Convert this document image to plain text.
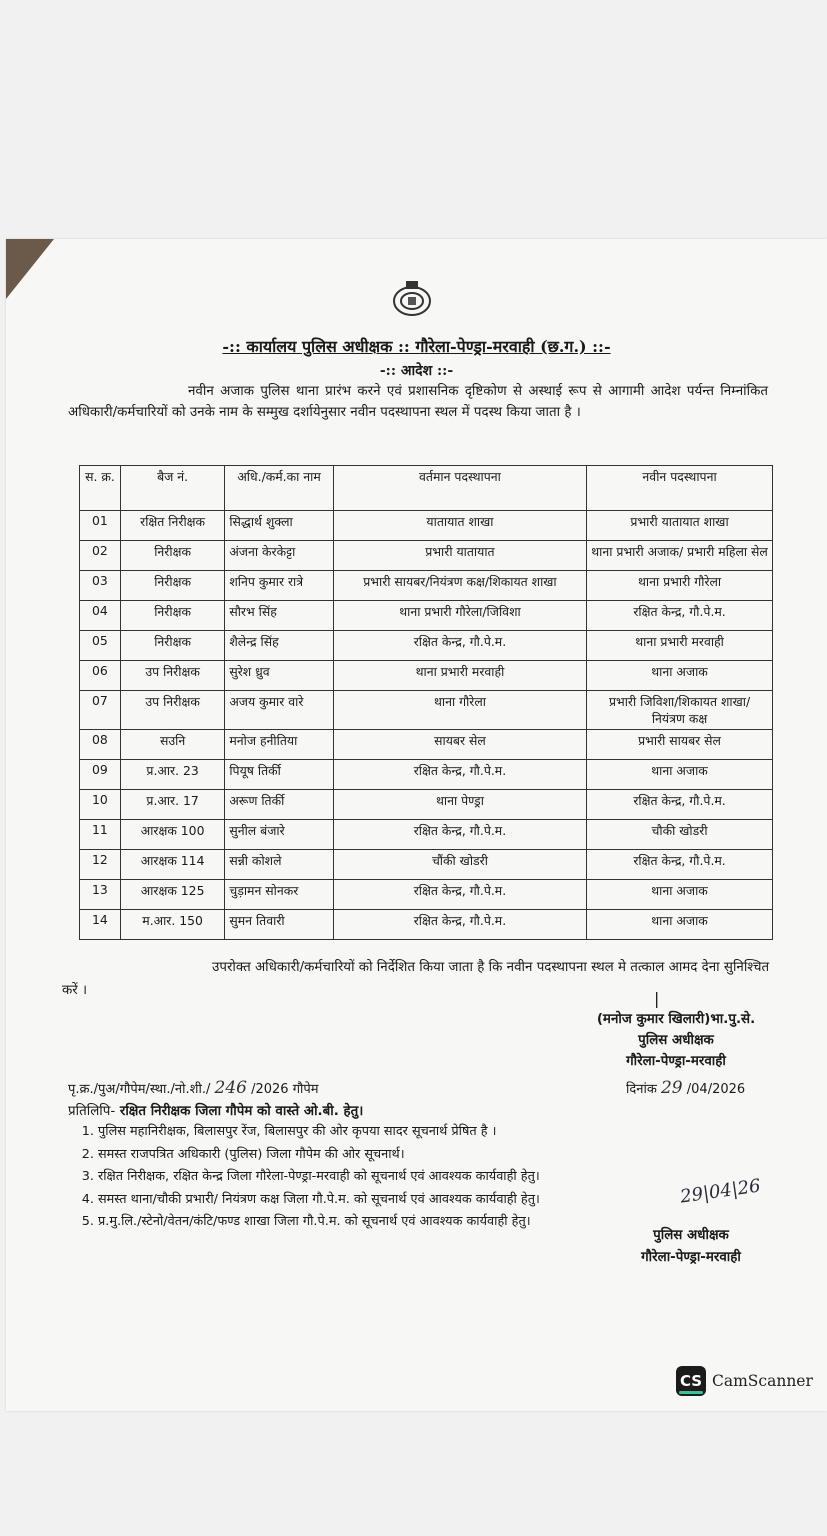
-:: कार्यालय पुलिस अधीक्षक :: गौरेला-पेण्ड्रा-मरवाही (छ.ग.) ::-
-:: आदेश ::-
नवीन अजाक पुलिस थाना प्रारंभ करने एवं प्रशासनिक दृष्टिकोण से अस्थाई रूप से आगामी आदेश पर्यन्त निम्नांकित अधिकारी/कर्मचारियों को उनके नाम के सम्मुख दर्शायेनुसार नवीन पदस्थापना स्थल में पदस्थ किया जाता है ।
स. क्र.	बैज नं.	अधि./कर्म.का नाम	वर्तमान पदस्थापना	नवीन पदस्थापना
01	रक्षित निरीक्षक	सिद्धार्थ शुक्ला	यातायात शाखा	प्रभारी यातायात शाखा
02	निरीक्षक	अंजना केरकेट्टा	प्रभारी यातायात	थाना प्रभारी अजाक/ प्रभारी महिला सेल
03	निरीक्षक	शनिप कुमार रात्रे	प्रभारी सायबर/नियंत्रण कक्ष/शिकायत शाखा	थाना प्रभारी गौरेला
04	निरीक्षक	सौरभ सिंह	थाना प्रभारी गौरेला/जिविशा	रक्षित केन्द्र, गौ.पे.म.
05	निरीक्षक	शैलेन्द्र सिंह	रक्षित केन्द्र, गौ.पे.म.	थाना प्रभारी मरवाही
06	उप निरीक्षक	सुरेश ध्रुव	थाना प्रभारी मरवाही	थाना अजाक
07	उप निरीक्षक	अजय कुमार वारे	थाना गौरेला	प्रभारी जिविशा/शिकायत शाखा/ नियंत्रण कक्ष
08	सउनि	मनोज हनीतिया	सायबर सेल	प्रभारी सायबर सेल
09	प्र.आर. 23	पियूष तिर्की	रक्षित केन्द्र, गौ.पे.म.	थाना अजाक
10	प्र.आर. 17	अरूण तिर्की	थाना पेण्ड्रा	रक्षित केन्द्र, गौ.पे.म.
11	आरक्षक 100	सुनील बंजारे	रक्षित केन्द्र, गौ.पे.म.	चौकी खोडरी
12	आरक्षक 114	सन्नी कोशले	चौंकी खोडरी	रक्षित केन्द्र, गौ.पे.म.
13	आरक्षक 125	चुड़ामन सोनकर	रक्षित केन्द्र, गौ.पे.म.	थाना अजाक
14	म.आर. 150	सुमन तिवारी	रक्षित केन्द्र, गौ.पे.म.	थाना अजाक
उपरोक्त अधिकारी/कर्मचारियों को निर्देशित किया जाता है कि नवीन पदस्थापना स्थल मे तत्काल आमद देना सुनिश्चित करें ।	|
(मनोज कुमार खिलारी)भा.पु.से.
पुलिस अधीक्षक
गौरेला-पेण्ड्रा-मरवाही
पृ.क्र./पुअ/गौपेम/स्था./नो.शी./ 246 /2026 गौपेम	दिनांक 29 /04/2026
प्रतिलिपि- रक्षित निरीक्षक जिला गौपेम को वास्ते ओ.बी. हेतु।
1. पुलिस महानिरीक्षक, बिलासपुर रेंज, बिलासपुर की ओर कृपया सादर सूचनार्थ प्रेषित है ।
2. समस्त राजपत्रित अधिकारी (पुलिस) जिला गौपेम की ओर सूचनार्थ।
3. रक्षित निरीक्षक, रक्षित केन्द्र जिला गौरेला-पेण्ड्रा-मरवाही को सूचनार्थ एवं आवश्यक कार्यवाही हेतु।
4. समस्त थाना/चौकी प्रभारी/ नियंत्रण कक्ष जिला गौ.पे.म. को सूचनार्थ एवं आवश्यक कार्यवाही हेतु।
5. प्र.मु.लि./स्टेनो/वेतन/कंटि/फण्ड शाखा जिला गौ.पे.म. को सूचनार्थ एवं आवश्यक कार्यवाही हेतु।
29|04|26
पुलिस अधीक्षक
गौरेला-पेण्ड्रा-मरवाही
CS CamScanner
